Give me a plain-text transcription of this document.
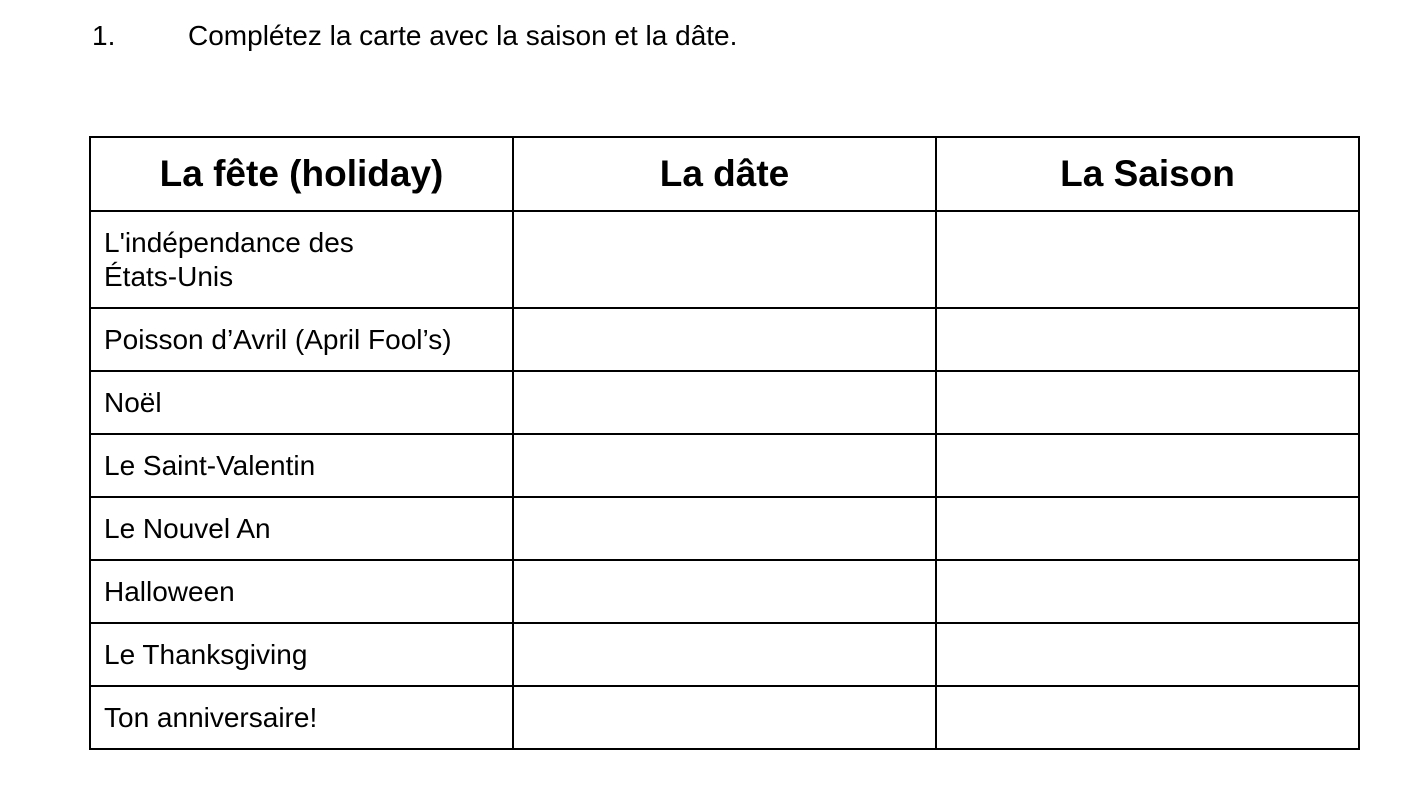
1.	Complétez la carte avec la saison et la dâte.
La fête (holiday)	La dâte	La Saison

L'indépendance des États-Unis		

Poisson d’Avril (April Fool’s)		
Noël		
Le Saint-Valentin		
Le Nouvel An		
Halloween		
Le Thanksgiving		
Ton anniversaire!		
